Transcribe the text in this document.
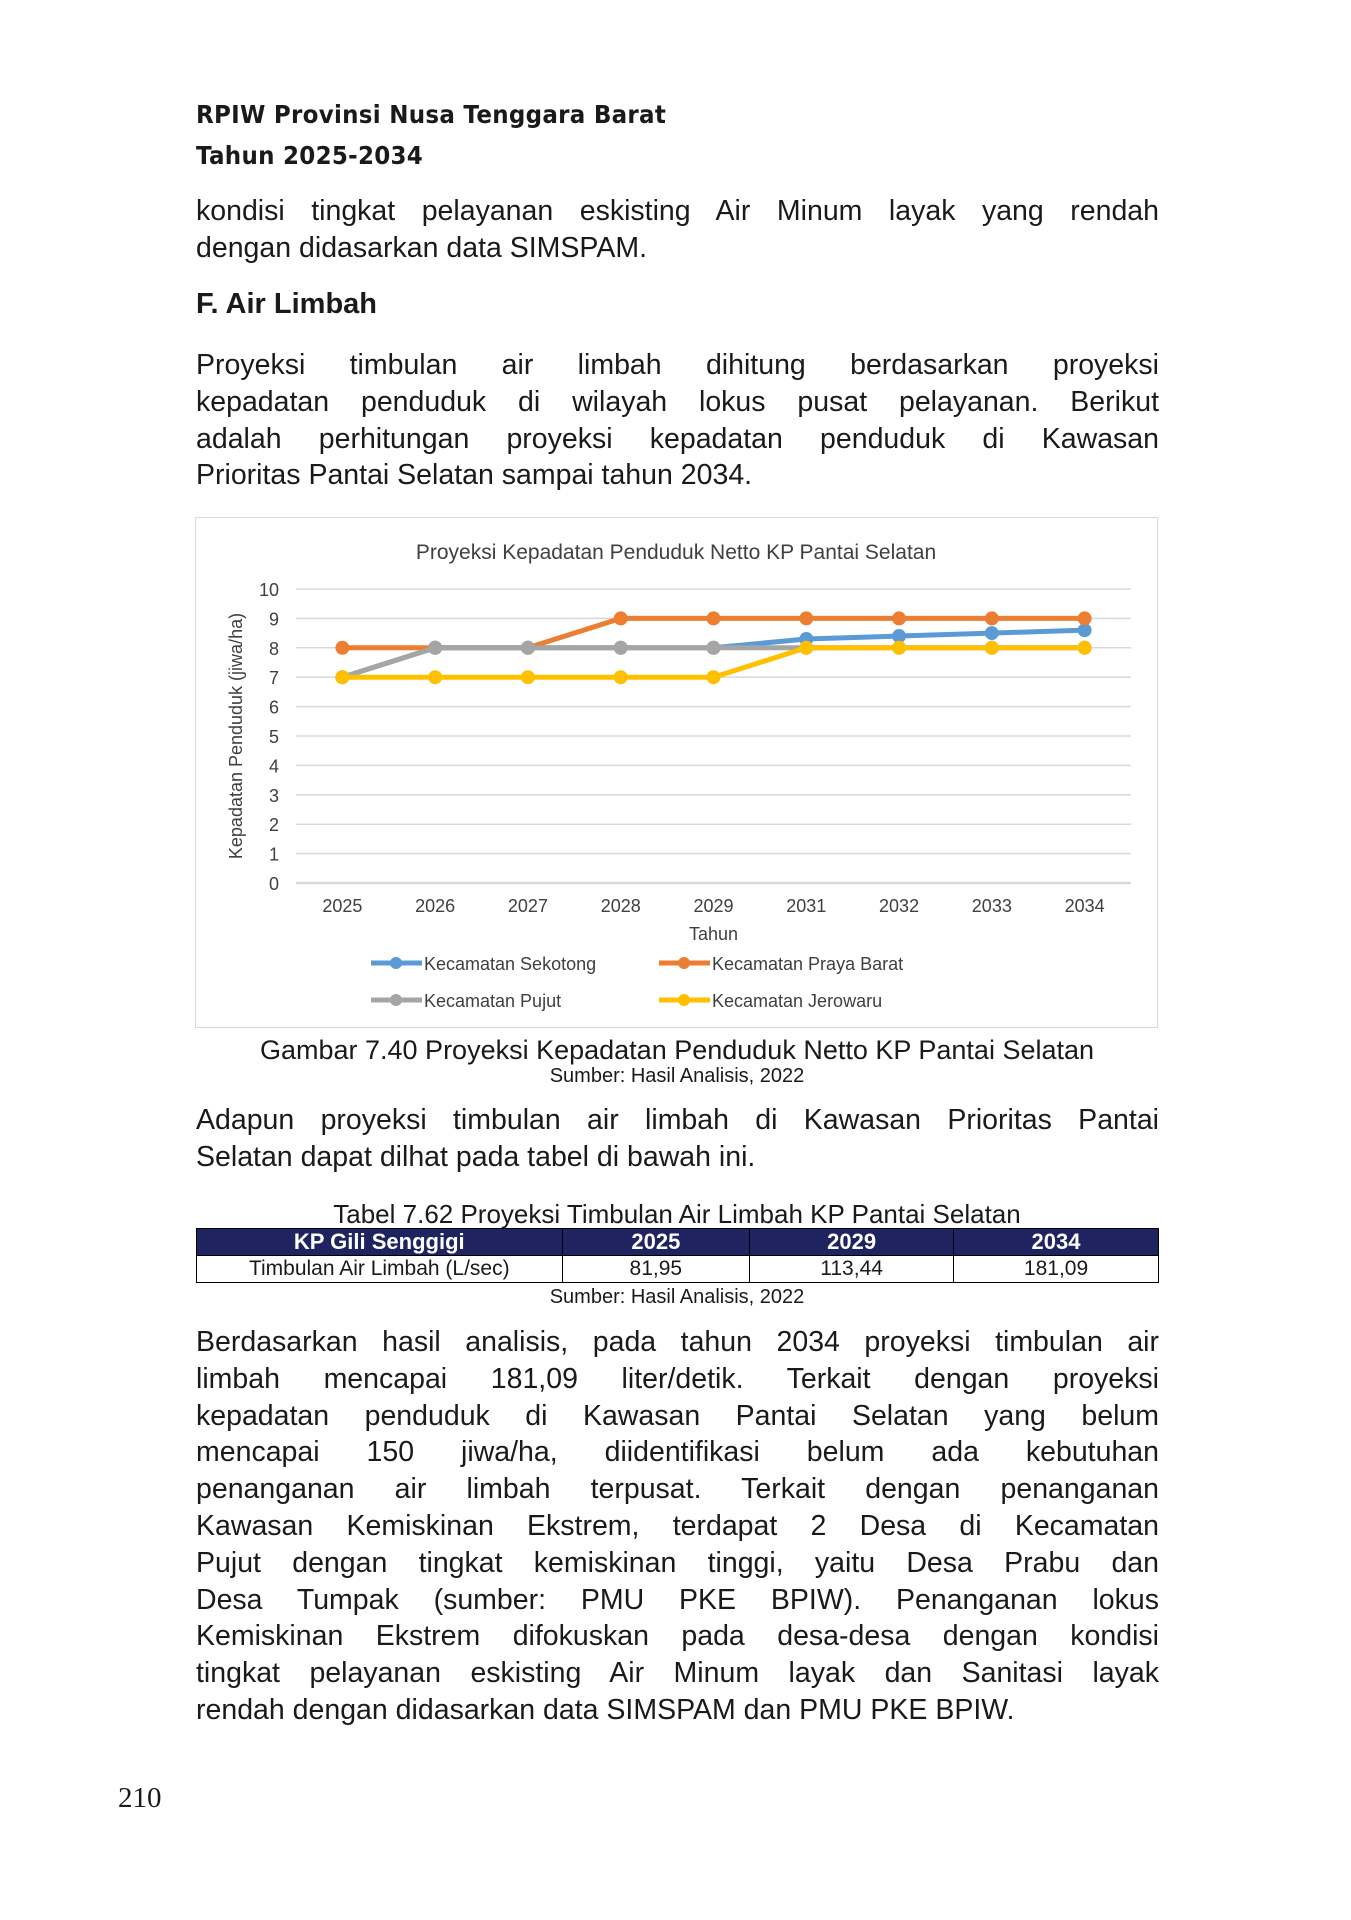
RPIW Provinsi Nusa Tenggara Barat
Tahun 2025-2034
kondisi tingkat pelayanan eskisting Air Minum layak yang rendah
dengan didasarkan data SIMSPAM.
F. Air Limbah
Proyeksi timbulan air limbah dihitung berdasarkan proyeksi
kepadatan penduduk di wilayah lokus pusat pelayanan. Berikut
adalah perhitungan proyeksi kepadatan penduduk di Kawasan
Prioritas Pantai Selatan sampai tahun 2034.
Proyeksi Kepadatan Penduduk Netto KP Pantai Selatan
0
1
2
3
4
5
6
7
8
9
10
2025	2026	2027	2028	2029	2031	2032	2033	2034
Tahun
Kepadatan Penduduk (jiwa/ha)
Kecamatan Sekotong	Kecamatan Praya Barat
Kecamatan Pujut	Kecamatan Jerowaru
Gambar 7.40 Proyeksi Kepadatan Penduduk Netto KP Pantai Selatan
Sumber: Hasil Analisis, 2022
Adapun proyeksi timbulan air limbah di Kawasan Prioritas Pantai
Selatan dapat dilhat pada tabel di bawah ini.
Tabel 7.62 Proyeksi Timbulan Air Limbah KP Pantai Selatan
KP Gili Senggigi	2025	2029	2034
Timbulan Air Limbah (L/sec)	81,95	113,44	181,09
Sumber: Hasil Analisis, 2022
Berdasarkan hasil analisis, pada tahun 2034 proyeksi timbulan air
limbah mencapai 181,09 liter/detik. Terkait dengan proyeksi
kepadatan penduduk di Kawasan Pantai Selatan yang belum
mencapai 150 jiwa/ha, diidentifikasi belum ada kebutuhan
penanganan air limbah terpusat. Terkait dengan penanganan
Kawasan Kemiskinan Ekstrem, terdapat 2 Desa di Kecamatan
Pujut dengan tingkat kemiskinan tinggi, yaitu Desa Prabu dan
Desa Tumpak (sumber: PMU PKE BPIW). Penanganan lokus
Kemiskinan Ekstrem difokuskan pada desa-desa dengan kondisi
tingkat pelayanan eskisting Air Minum layak dan Sanitasi layak
rendah dengan didasarkan data SIMSPAM dan PMU PKE BPIW.
210
